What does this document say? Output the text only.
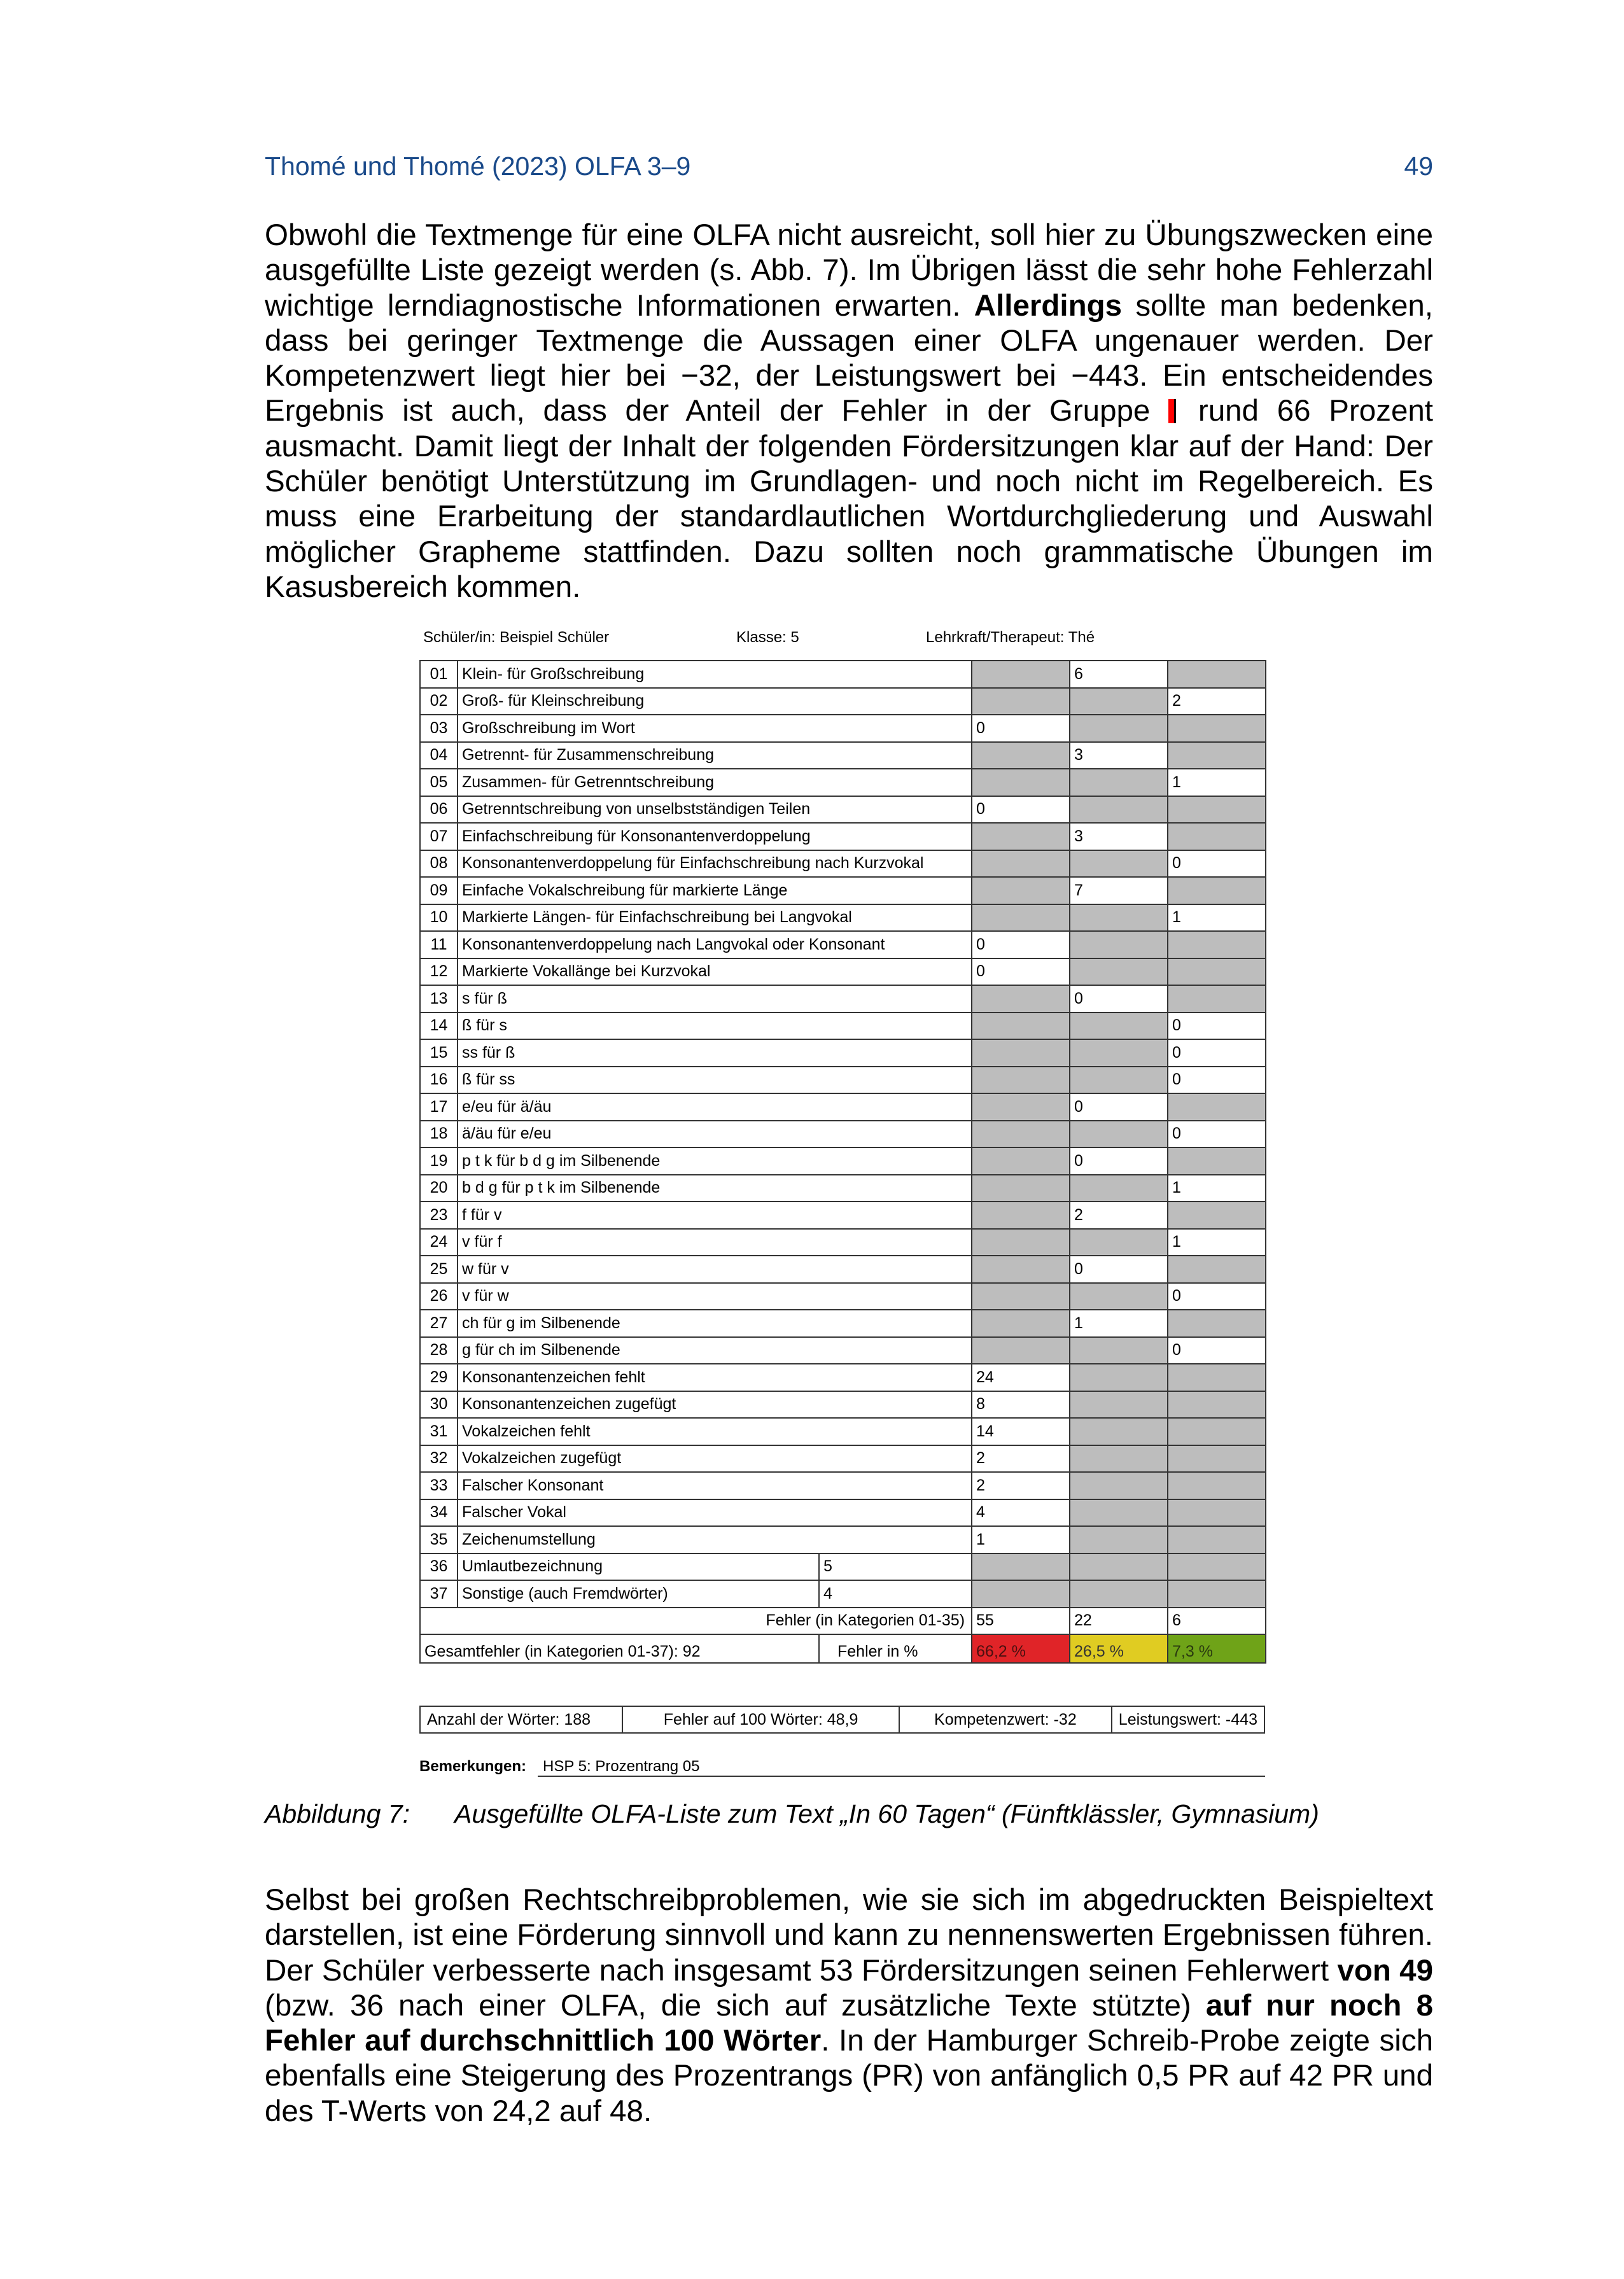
Thomé und Thomé (2023) OLFA 3–9	49
Obwohl die Textmenge für eine OLFA nicht ausreicht, soll hier zu Übungszwecken eine ausgefüllte Liste gezeigt werden (s. Abb. 7). Im Übrigen lässt die sehr hohe Fehlerzahl wichtige lerndiagnostische Informationen erwarten. Allerdings sollte man bedenken, dass bei geringer Textmenge die Aussagen einer OLFA ungenauer werden. Der Kompetenzwert liegt hier bei −32, der Leistungswert bei −443. Ein entscheidendes Ergebnis ist auch, dass der Anteil der Fehler in der Gruppe  rund 66 Prozent ausmacht. Damit liegt der Inhalt der folgenden Fördersitzungen klar auf der Hand: Der Schüler benötigt Unterstützung im Grundlagen- und noch nicht im Regelbereich. Es muss eine Erarbeitung der standardlautlichen Wortdurchgliederung und Auswahl möglicher Grapheme stattfinden. Dazu sollten noch grammatische Übungen im Kasusbereich kommen.
Schüler/in: Beispiel Schüler	Klasse: 5	Lehrkraft/Therapeut: Thé
01	Klein- für Großschreibung			6	
02	Groß- für Kleinschreibung				2
03	Großschreibung im Wort		0		
04	Getrennt- für Zusammenschreibung			3	
05	Zusammen- für Getrenntschreibung				1
06	Getrenntschreibung von unselbstständigen Teilen		0		
07	Einfachschreibung für Konsonantenverdoppelung			3	
08	Konsonantenverdoppelung für Einfachschreibung nach Kurzvokal				0
09	Einfache Vokalschreibung für markierte Länge			7	
10	Markierte Längen- für Einfachschreibung bei Langvokal				1
11	Konsonantenverdoppelung nach Langvokal oder Konsonant		0		
12	Markierte Vokallänge bei Kurzvokal		0		
13	s für ß			0	
14	ß für s				0
15	ss für ß				0
16	ß für ss				0
17	e/eu für ä/äu			0	
18	ä/äu für e/eu				0
19	p t k für b d g im Silbenende			0	
20	b d g für p t k im Silbenende				1
23	f für v			2	
24	v für f				1
25	w für v			0	
26	v für w				0
27	ch für g im Silbenende			1	
28	g für ch im Silbenende				0
29	Konsonantenzeichen fehlt		24		
30	Konsonantenzeichen zugefügt		8		
31	Vokalzeichen fehlt		14		
32	Vokalzeichen zugefügt		2		
33	Falscher Konsonant		2		
34	Falscher Vokal		4		
35	Zeichenumstellung		1		
36	Umlautbezeichnung	5			
37	Sonstige (auch Fremdwörter)	4			
Fehler (in Kategorien 01-35)			55	22	6
Gesamtfehler (in Kategorien 01-37): 92		Fehler in %	66,2 %	26,5 %	7,3 %
Anzahl der Wörter: 188	Fehler auf 100 Wörter: 48,9	Kompetenzwert: -32	Leistungswert: -443
Bemerkungen:	HSP 5: Prozentrang 05
Abbildung 7: Ausgefüllte OLFA-Liste zum Text „In 60 Tagen“ (Fünftklässler, Gymnasium)
Selbst bei großen Rechtschreibproblemen, wie sie sich im abgedruckten Beispieltext darstellen, ist eine Förderung sinnvoll und kann zu nennenswerten Ergebnissen führen. Der Schüler verbesserte nach insgesamt 53 Fördersitzungen seinen Fehlerwert von 49 (bzw. 36 nach einer OLFA, die sich auf zusätzliche Texte stützte) auf nur noch 8 Fehler auf durchschnittlich 100 Wörter. In der Hamburger Schreib-Probe zeigte sich ebenfalls eine Steigerung des Prozentrangs (PR) von anfänglich 0,5 PR auf 42 PR und des T-Werts von 24,2 auf 48.
